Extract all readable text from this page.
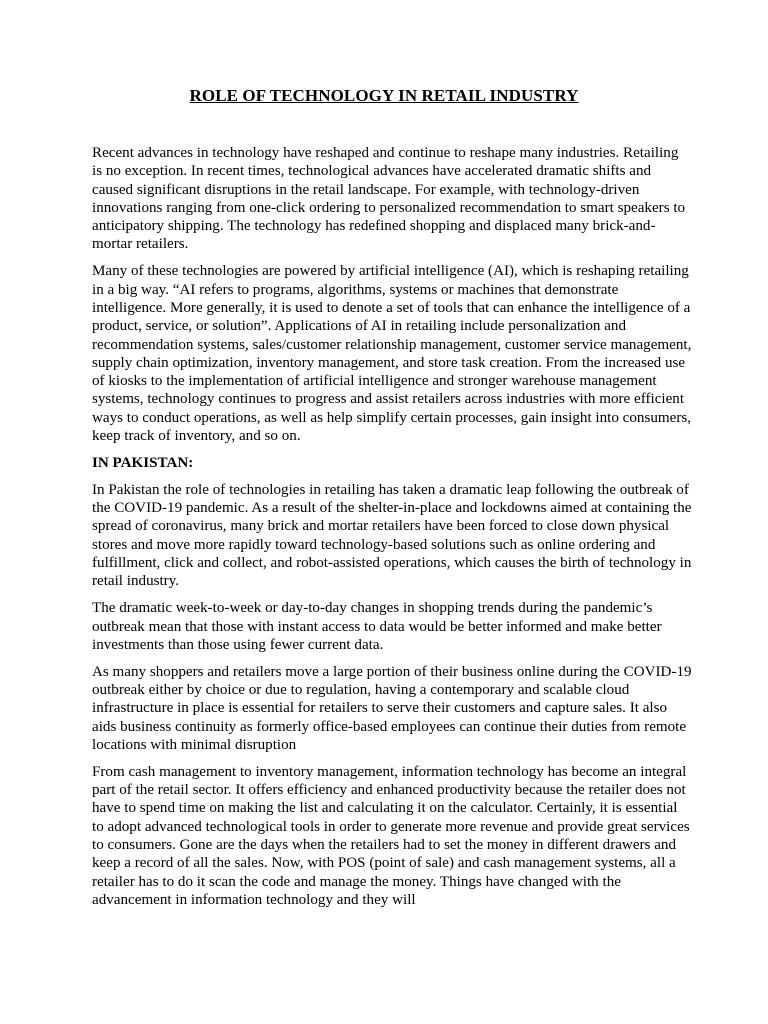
ROLE OF TECHNOLOGY IN RETAIL INDUSTRY

Recent advances in technology have reshaped and continue to reshape many industries. Retailing is no exception. In recent times, technological advances have accelerated dramatic shifts and caused significant disruptions in the retail landscape. For example, with technology-driven innovations ranging from one-click ordering to personalized recommendation to smart speakers to anticipatory shipping. The technology has redefined shopping and displaced many brick-and-mortar retailers.

Many of these technologies are powered by artificial intelligence (AI), which is reshaping retailing in a big way. “AI refers to programs, algorithms, systems or machines that demonstrate intelligence. More generally, it is used to denote a set of tools that can enhance the intelligence of a product, service, or solution”. Applications of AI in retailing include personalization and recommendation systems, sales/customer relationship management, customer service management, supply chain optimization, inventory management, and store task creation. From the increased use of kiosks to the implementation of artificial intelligence and stronger warehouse management systems, technology continues to progress and assist retailers across industries with more efficient ways to conduct operations, as well as help simplify certain processes, gain insight into consumers, keep track of inventory, and so on.

IN PAKISTAN:

In Pakistan the role of technologies in retailing has taken a dramatic leap following the outbreak of the COVID-19 pandemic. As a result of the shelter-in-place and lockdowns aimed at containing the spread of coronavirus, many brick and mortar retailers have been forced to close down physical stores and move more rapidly toward technology-based solutions such as online ordering and fulfillment, click and collect, and robot-assisted operations, which causes the birth of technology in retail industry.

The dramatic week-to-week or day-to-day changes in shopping trends during the pandemic’s outbreak mean that those with instant access to data would be better informed and make better investments than those using fewer current data.

As many shoppers and retailers move a large portion of their business online during the COVID-19 outbreak either by choice or due to regulation, having a contemporary and scalable cloud infrastructure in place is essential for retailers to serve their customers and capture sales. It also aids business continuity as formerly office-based employees can continue their duties from remote locations with minimal disruption

From cash management to inventory management, information technology has become an integral part of the retail sector. It offers efficiency and enhanced productivity because the retailer does not have to spend time on making the list and calculating it on the calculator. Certainly, it is essential to adopt advanced technological tools in order to generate more revenue and provide great services to consumers. Gone are the days when the retailers had to set the money in different drawers and keep a record of all the sales. Now, with POS (point of sale) and cash management systems, all a retailer has to do it scan the code and manage the money. Things have changed with the advancement in information technology and they will
